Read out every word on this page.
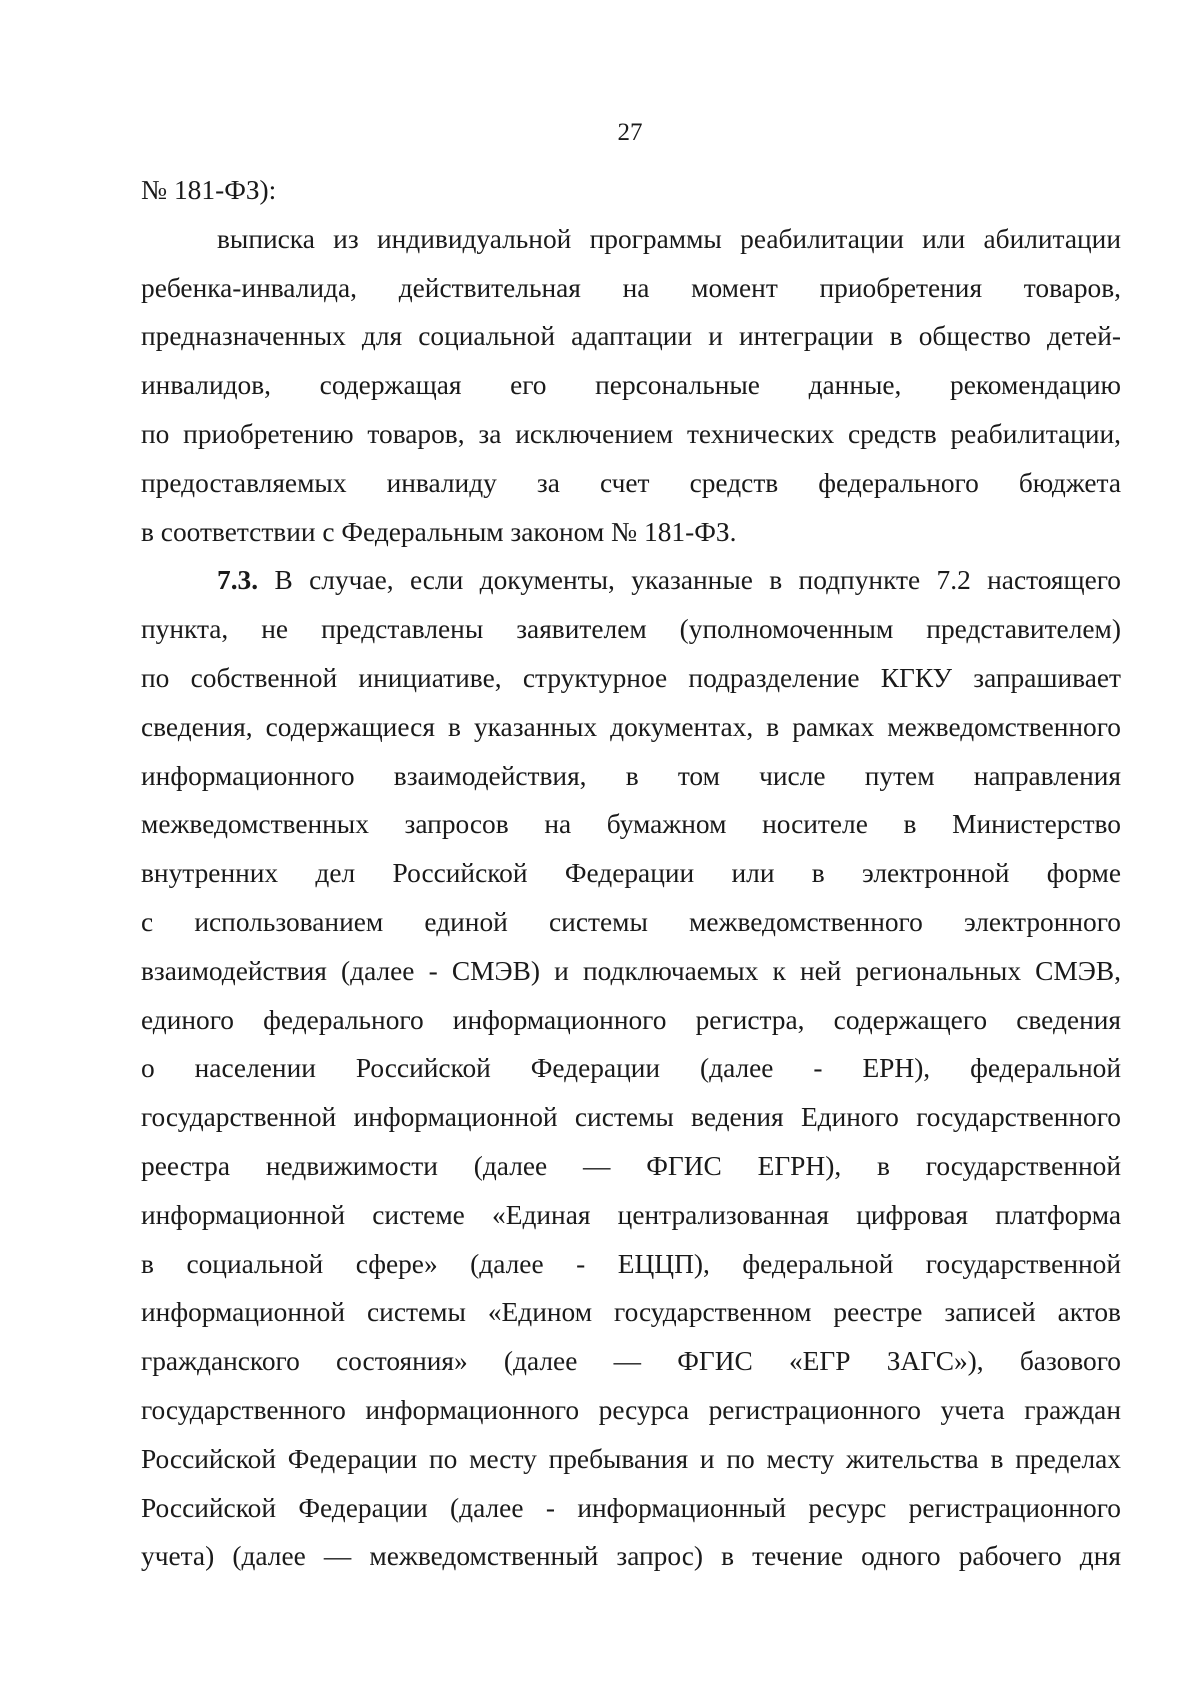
27
№ 181-ФЗ):
выписка из индивидуальной программы реабилитации или абилитации
ребенка-инвалида, действительная на момент приобретения товаров,
предназначенных для социальной адаптации и интеграции в общество детей-
инвалидов, содержащая его персональные данные, рекомендацию
по приобретению товаров, за исключением технических средств реабилитации,
предоставляемых инвалиду за счет средств федерального бюджета
в соответствии с Федеральным законом № 181-ФЗ.
7.3. В случае, если документы, указанные в подпункте 7.2 настоящего
пункта, не представлены заявителем (уполномоченным представителем)
по собственной инициативе, структурное подразделение КГКУ запрашивает
сведения, содержащиеся в указанных документах, в рамках межведомственного
информационного взаимодействия, в том числе путем направления
межведомственных запросов на бумажном носителе в Министерство
внутренних дел Российской Федерации или в электронной форме
с использованием единой системы межведомственного электронного
взаимодействия (далее - СМЭВ) и подключаемых к ней региональных СМЭВ,
единого федерального информационного регистра, содержащего сведения
о населении Российской Федерации (далее - ЕРН), федеральной
государственной информационной системы ведения Единого государственного
реестра недвижимости (далее — ФГИС ЕГРН), в государственной
информационной системе «Единая централизованная цифровая платформа
в социальной сфере» (далее - ЕЦЦП), федеральной государственной
информационной системы «Едином государственном реестре записей актов
гражданского состояния» (далее — ФГИС «ЕГР ЗАГС»), базового
государственного информационного ресурса регистрационного учета граждан
Российской Федерации по месту пребывания и по месту жительства в пределах
Российской Федерации (далее - информационный ресурс регистрационного
учета) (далее — межведомственный запрос) в течение одного рабочего дня
